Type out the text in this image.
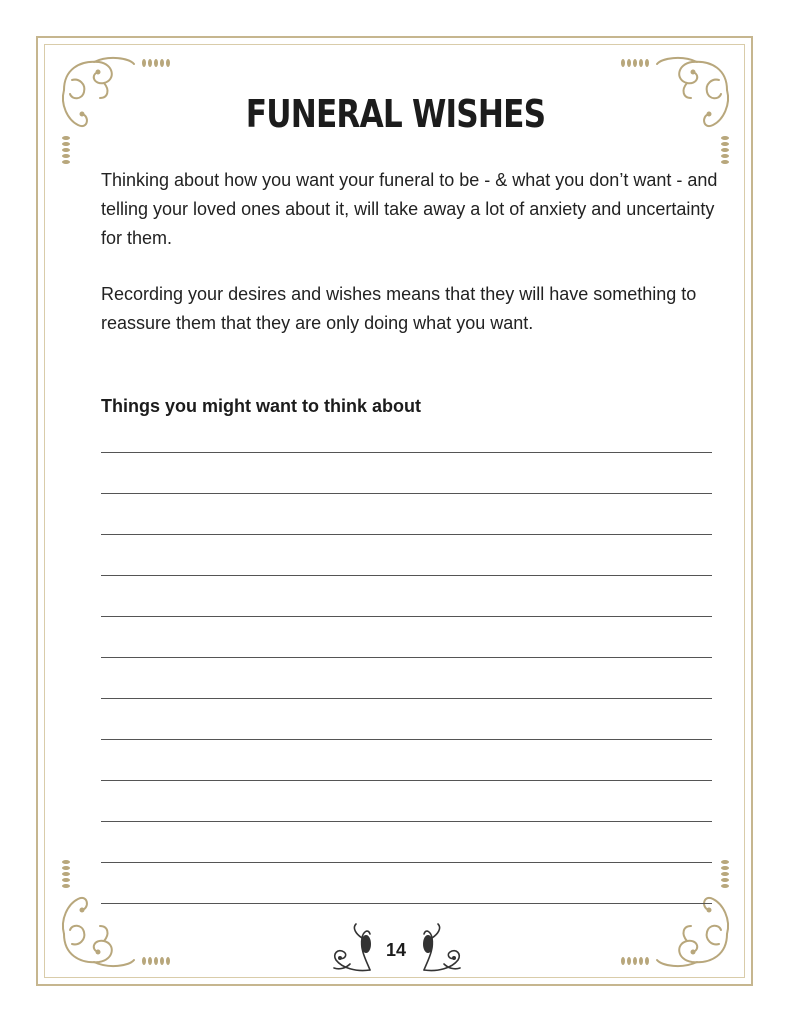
FUNERAL WISHES

Thinking about how you want your funeral to be - & what you don’t want - and telling your loved ones about it, will take away a lot of anxiety and uncertainty for them.

Recording your desires and wishes means that they will have something to reassure them that they are only doing what you want.

Things you might want to think about
14
